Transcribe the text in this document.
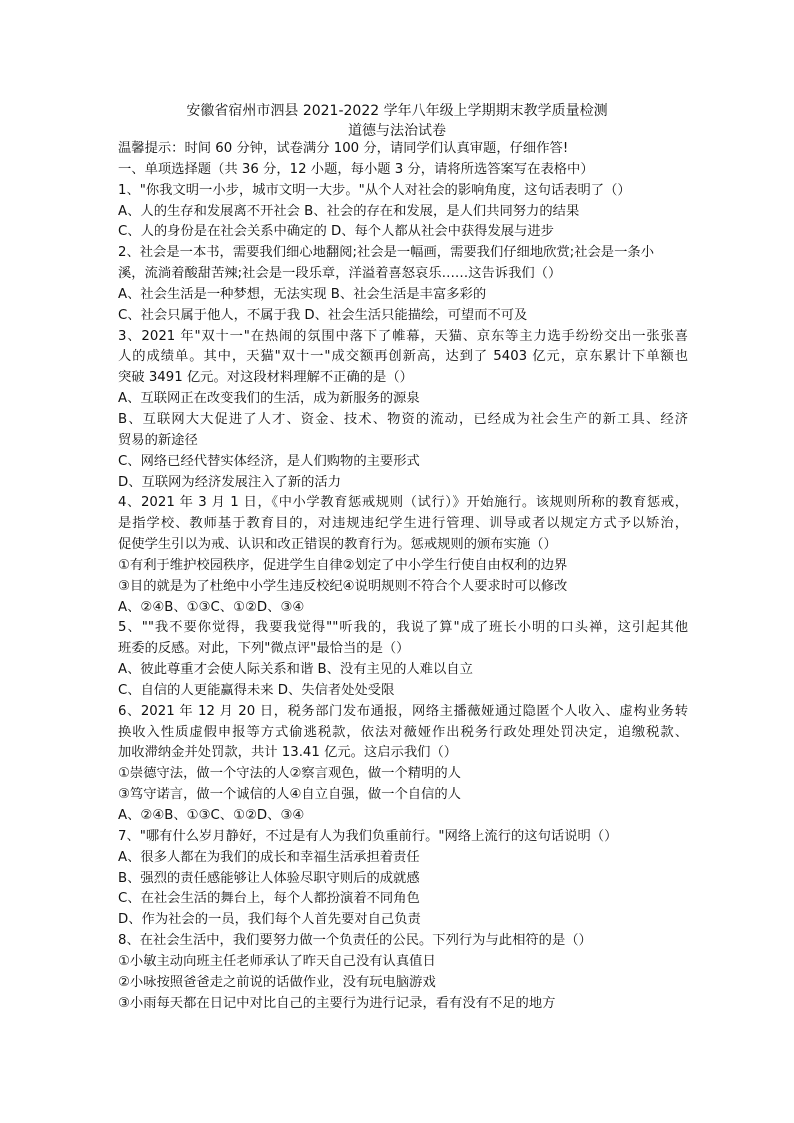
安徽省宿州市泗县 2021-2022 学年八年级上学期期末教学质量检测
道德与法治试卷
温馨提示：时间 60 分钟，试卷满分 100 分，请同学们认真审题，仔细作答!
一、单项选择题（共 36 分，12 小题，每小题 3 分，请将所选答案写在表格中）
1、"你我文明一小步，城市文明一大步。"从个人对社会的影响角度，这句话表明了（）
A、人的生存和发展离不开社会 B、社会的存在和发展，是人们共同努力的结果
C、人的身份是在社会关系中确定的 D、每个人都从社会中获得发展与进步
2、社会是一本书，需要我们细心地翻阅;社会是一幅画，需要我们仔细地欣赏;社会是一条小
溪，流淌着酸甜苦辣;社会是一段乐章，洋溢着喜怒哀乐……这告诉我们（）
A、社会生活是一种梦想，无法实现 B、社会生活是丰富多彩的
C、社会只属于他人，不属于我 D、社会生活只能描绘，可望而不可及
3、2021 年"双十一"在热闹的氛围中落下了帷幕，天猫、京东等主力选手纷纷交出一张张喜
人的成绩单。其中，天猫"双十一"成交额再创新高，达到了 5403 亿元，京东累计下单额也
突破 3491 亿元。对这段材料理解不正确的是（）
A、互联网正在改变我们的生活，成为新服务的源泉
B、互联网大大促进了人才、资金、技术、物资的流动，已经成为社会生产的新工具、经济
贸易的新途径
C、网络已经代替实体经济，是人们购物的主要形式
D、互联网为经济发展注入了新的活力
4、2021 年 3 月 1 日，《中小学教育惩戒规则（试行）》开始施行。该规则所称的教育惩戒，
是指学校、教师基于教育目的，对违规违纪学生进行管理、训导或者以规定方式予以矫治，
促使学生引以为戒、认识和改正错误的教育行为。惩戒规则的颁布实施（）
①有利于维护校园秩序，促进学生自律②划定了中小学生行使自由权利的边界
③目的就是为了杜绝中小学生违反校纪④说明规则不符合个人要求时可以修改
A、②④B、①③C、①②D、③④
5、""我不要你觉得，我要我觉得""听我的，我说了算"成了班长小明的口头禅，这引起其他
班委的反感。对此，下列"微点评"最恰当的是（）
A、彼此尊重才会使人际关系和谐 B、没有主见的人难以自立
C、自信的人更能赢得未来 D、失信者处处受限
6、2021 年 12 月 20 日，税务部门发布通报，网络主播薇娅通过隐匿个人收入、虚构业务转
换收入性质虚假申报等方式偷逃税款，依法对薇娅作出税务行政处理处罚决定，追缴税款、
加收滞纳金并处罚款，共计 13.41 亿元。这启示我们（）
①崇德守法，做一个守法的人②察言观色，做一个精明的人
③笃守诺言，做一个诚信的人④自立自强，做一个自信的人
A、②④B、①③C、①②D、③④
7、"哪有什么岁月静好，不过是有人为我们负重前行。"网络上流行的这句话说明（）
A、很多人都在为我们的成长和幸福生活承担着责任
B、强烈的责任感能够让人体验尽职守则后的成就感
C、在社会生活的舞台上，每个人都扮演着不同角色
D、作为社会的一员，我们每个人首先要对自己负责
8、在社会生活中，我们要努力做一个负责任的公民。下列行为与此相符的是（）
①小敏主动向班主任老师承认了昨天自己没有认真值日
②小咏按照爸爸走之前说的话做作业，没有玩电脑游戏
③小雨每天都在日记中对比自己的主要行为进行记录，看有没有不足的地方
